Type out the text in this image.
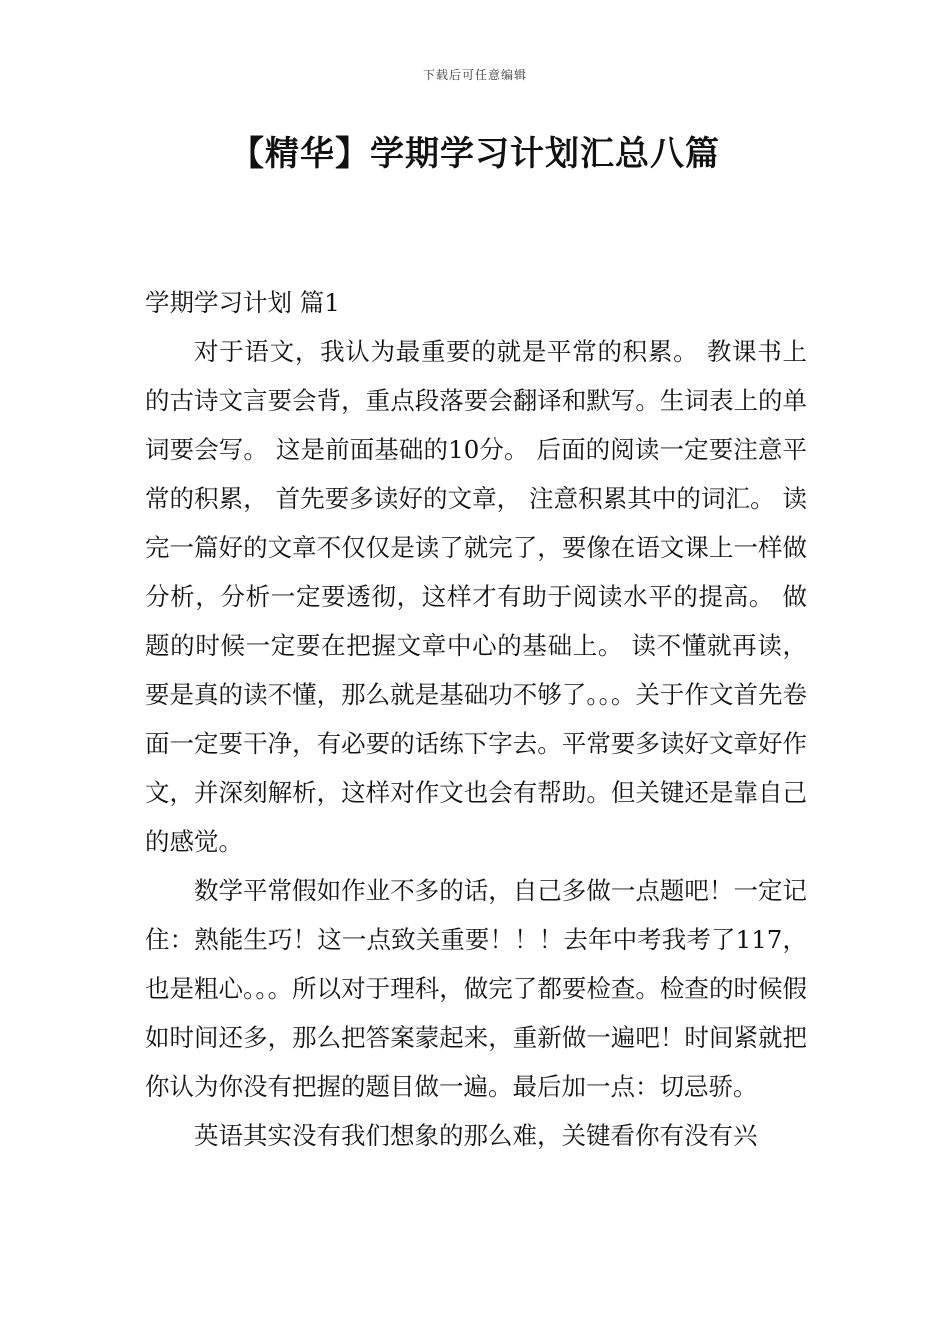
下载后可任意编辑
【精华】学期学习计划汇总八篇

学期学习计划 篇1

对于语文，我认为最重要的就是平常的积累。 教课书上的古诗文言要会背，重点段落要会翻译和默写。生词表上的单词要会写。 这是前面基础的10分。 后面的阅读一定要注意平常的积累， 首先要多读好的文章， 注意积累其中的词汇。 读完一篇好的文章不仅仅是读了就完了，要像在语文课上一样做分析，分析一定要透彻，这样才有助于阅读水平的提高。 做题的时候一定要在把握文章中心的基础上。 读不懂就再读， 要是真的读不懂，那么就是基础功不够了。。。关于作文首先卷面一定要干净，有必要的话练下字去。平常要多读好文章好作文，并深刻解析，这样对作文也会有帮助。但关键还是靠自己的感觉。

数学平常假如作业不多的话，自己多做一点题吧！一定记住：熟能生巧！这一点致关重要！！！去年中考我考了117，也是粗心。。。所以对于理科，做完了都要检查。检查的时候假如时间还多，那么把答案蒙起来，重新做一遍吧！时间紧就把你认为你没有把握的题目做一遍。最后加一点：切忌骄。

英语其实没有我们想象的那么难，关键看你有没有兴
